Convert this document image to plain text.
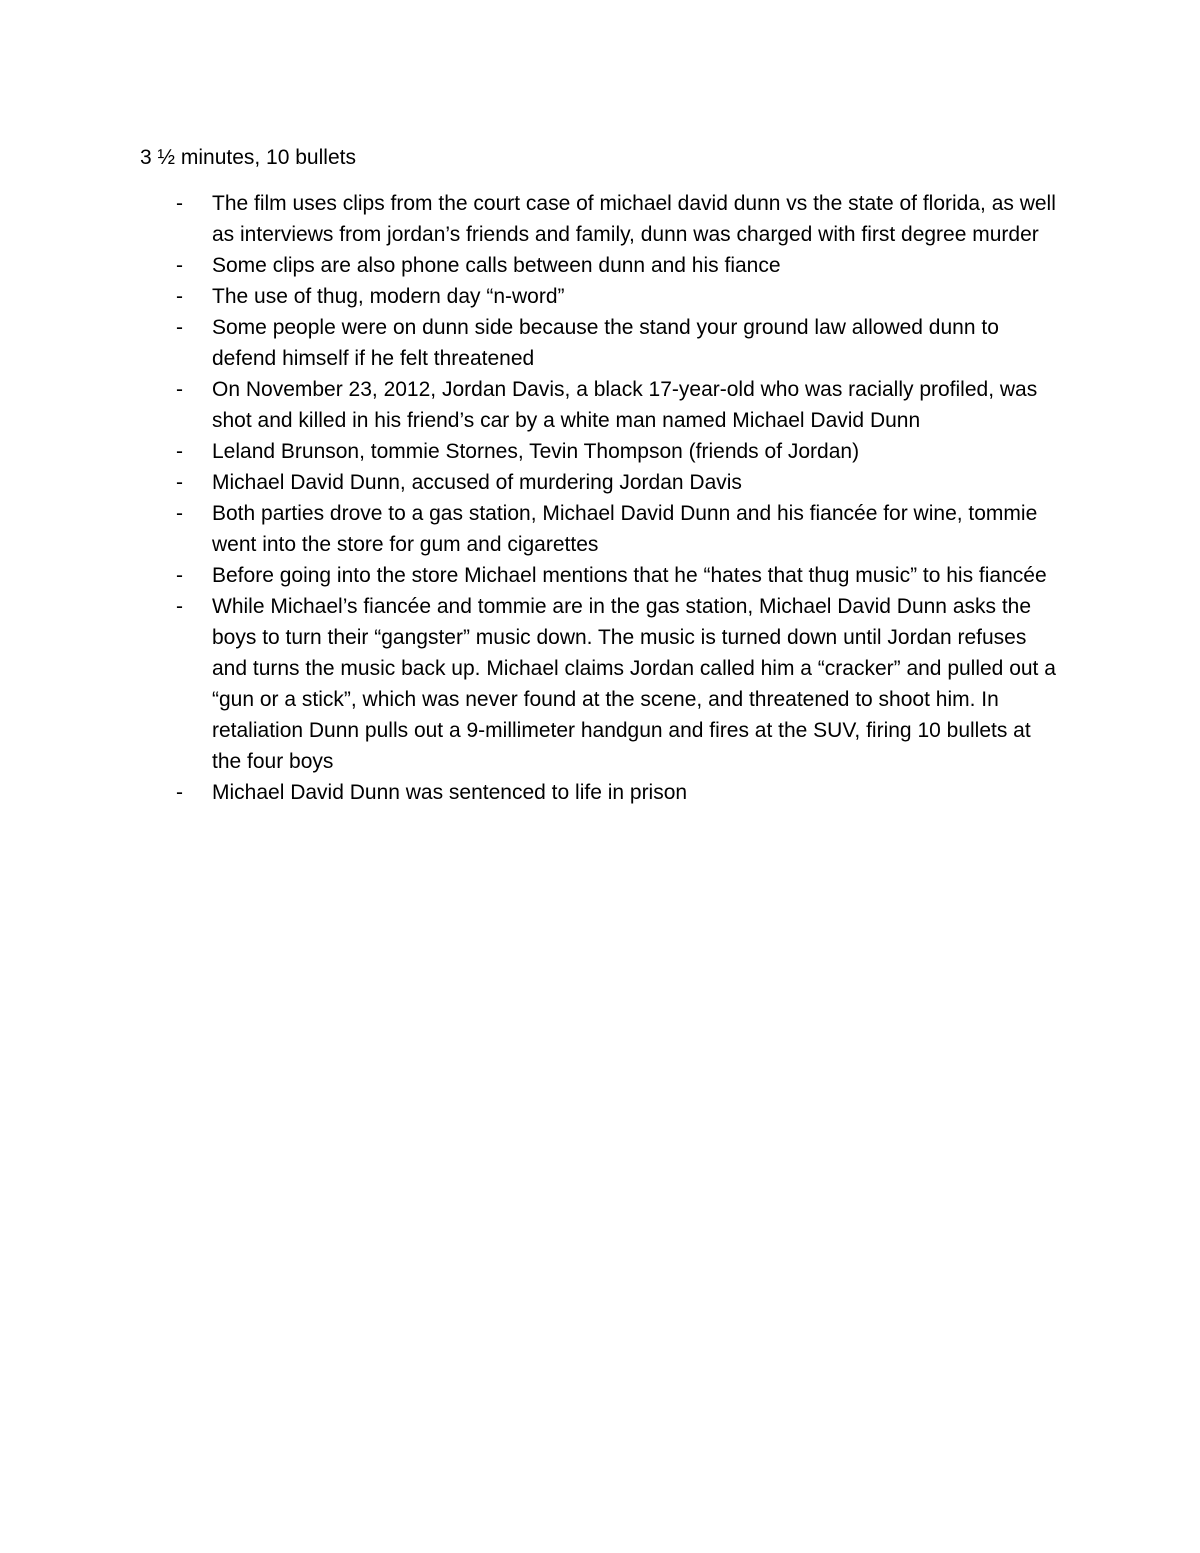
3 ½ minutes, 10 bullets
- The film uses clips from the court case of michael david dunn vs the state of florida, as well as interviews from jordan’s friends and family, dunn was charged with first degree murder
- Some clips are also phone calls between dunn and his fiance
- The use of thug, modern day “n-word”
- Some people were on dunn side because the stand your ground law allowed dunn to defend himself if he felt threatened
- On November 23, 2012, Jordan Davis, a black 17-year-old who was racially profiled, was shot and killed in his friend’s car by a white man named Michael David Dunn
- Leland Brunson, tommie Stornes, Tevin Thompson (friends of Jordan)
- Michael David Dunn, accused of murdering Jordan Davis
- Both parties drove to a gas station, Michael David Dunn and his fiancée for wine, tommie went into the store for gum and cigarettes
- Before going into the store Michael mentions that he “hates that thug music” to his fiancée
- While Michael’s fiancée and tommie are in the gas station, Michael David Dunn asks the boys to turn their “gangster” music down. The music is turned down until Jordan refuses and turns the music back up. Michael claims Jordan called him a “cracker” and pulled out a “gun or a stick”, which was never found at the scene, and threatened to shoot him. In retaliation Dunn pulls out a 9-millimeter handgun and fires at the SUV, firing 10 bullets at the four boys
- Michael David Dunn was sentenced to life in prison
